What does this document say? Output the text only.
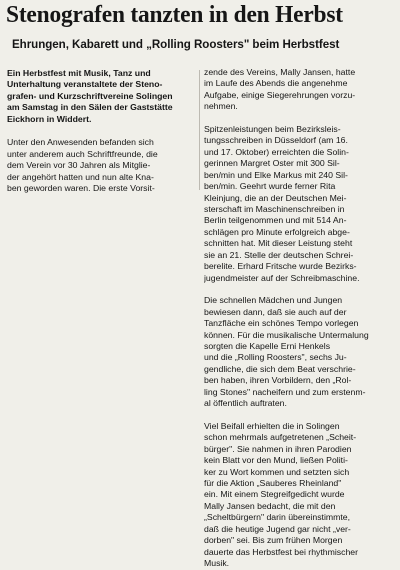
Stenografen tanzten in den Herbst
Ehrungen, Kabarett und „Rolling Roosters" beim Herbstfest

Ein Herbstfest mit Musik, Tanz und
Unterhaltung veranstaltete der Steno-
grafen- und Kurzschriftvereine Solingen
am Samstag in den Sälen der Gaststätte
Eickhorn in Widdert.

Unter den Anwesenden befanden sich
unter anderem auch Schriftfreunde, die
dem Verein vor 30 Jahren als Mitglie-
der angehört hatten und nun alte Kna-
ben geworden waren. Die erste Vorsit-

zende des Vereins, Mally Jansen, hatte
im Laufe des Abends die angenehme
Aufgabe, einige Siegerehrungen vorzu-
nehmen.

Spitzenleistungen beim Bezirksleis-
tungsschreiben in Düsseldorf (am 16.
und 17. Oktober) erreichten die Solin-
gerinnen Margret Oster mit 300 Sil-
ben/min und Elke Markus mit 240 Sil-
ben/min. Geehrt wurde ferner Rita
Kleinjung, die an der Deutschen Mei-
sterschaft im Maschinenschreiben in
Berlin teilgenommen und mit 514 An-
schlägen pro Minute erfolgreich abge-
schnitten hat. Mit dieser Leistung steht
sie an 21. Stelle der deutschen Schrei-
berelite. Erhard Fritsche wurde Bezirks-
jugendmeister auf der Schreibmaschine.

Die schnellen Mädchen und Jungen
bewiesen dann, daß sie auch auf der
Tanzfläche ein schönes Tempo vorlegen
können. Für die musikalische Untermalung
sorgten die Kapelle Erni Henkels
und die „Rolling Roosters", sechs Ju-
gendliche, die sich dem Beat verschrie-
ben haben, ihren Vorbildern, den „Rol-
ling Stones" nacheifern und zum erstenm-
al öffentlich auftraten.

Viel Beifall erhielten die in Solingen
schon mehrmals aufgetretenen „Scheit-
bürger". Sie nahmen in ihren Parodien
kein Blatt vor den Mund, ließen Politi-
ker zu Wort kommen und setzten sich
für die Aktion „Sauberes Rheinland"
ein. Mit einem Stegreifgedicht wurde
Mally Jansen bedacht, die mit den
„Scheltbürgern" darin übereinstimmte,
daß die heutige Jugend gar nicht „ver-
dorben" sei. Bis zum frühen Morgen
dauerte das Herbstfest bei rhythmischer
Musik.
